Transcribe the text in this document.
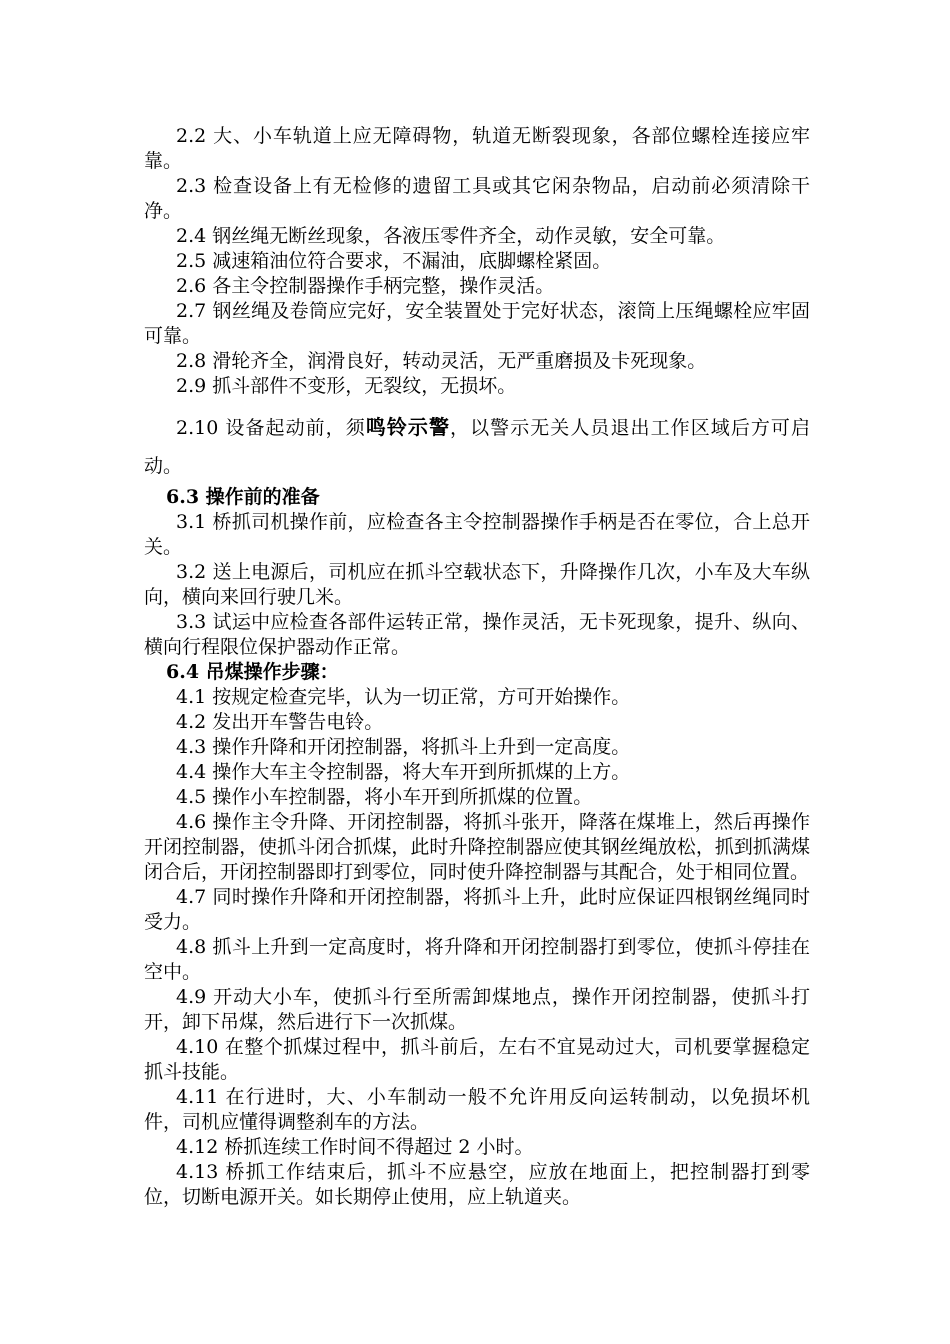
2.2 大、小车轨道上应无障碍物，轨道无断裂现象，各部位螺栓连接应牢靠。

2.3 检查设备上有无检修的遗留工具或其它闲杂物品，启动前必须清除干净。

2.4 钢丝绳无断丝现象，各液压零件齐全，动作灵敏，安全可靠。

2.5 减速箱油位符合要求，不漏油，底脚螺栓紧固。

2.6 各主令控制器操作手柄完整，操作灵活。

2.7 钢丝绳及卷筒应完好，安全装置处于完好状态，滚筒上压绳螺栓应牢固可靠。

2.8 滑轮齐全，润滑良好，转动灵活，无严重磨损及卡死现象。

2.9 抓斗部件不变形，无裂纹，无损坏。

2.10 设备起动前，须鸣铃示警，以警示无关人员退出工作区域后方可启动。

6.3 操作前的准备

3.1 桥抓司机操作前，应检查各主令控制器操作手柄是否在零位，合上总开关。

3.2 送上电源后，司机应在抓斗空载状态下，升降操作几次，小车及大车纵向，横向来回行驶几米。

3.3 试运中应检查各部件运转正常，操作灵活，无卡死现象，提升、纵向、横向行程限位保护器动作正常。

6.4 吊煤操作步骤：

4.1 按规定检查完毕，认为一切正常，方可开始操作。

4.2 发出开车警告电铃。

4.3 操作升降和开闭控制器，将抓斗上升到一定高度。

4.4 操作大车主令控制器，将大车开到所抓煤的上方。

4.5 操作小车控制器，将小车开到所抓煤的位置。

4.6 操作主令升降、开闭控制器，将抓斗张开，降落在煤堆上，然后再操作开闭控制器，使抓斗闭合抓煤，此时升降控制器应使其钢丝绳放松，抓到抓满煤闭合后，开闭控制器即打到零位，同时使升降控制器与其配合，处于相同位置。

4.7 同时操作升降和开闭控制器，将抓斗上升，此时应保证四根钢丝绳同时受力。

4.8 抓斗上升到一定高度时，将升降和开闭控制器打到零位，使抓斗停挂在空中。

4.9 开动大小车，使抓斗行至所需卸煤地点，操作开闭控制器，使抓斗打开，卸下吊煤，然后进行下一次抓煤。

4.10 在整个抓煤过程中，抓斗前后，左右不宜晃动过大，司机要掌握稳定抓斗技能。

4.11 在行进时，大、小车制动一般不允许用反向运转制动，以免损坏机件，司机应懂得调整刹车的方法。

4.12 桥抓连续工作时间不得超过 2 小时。

4.13 桥抓工作结束后，抓斗不应悬空，应放在地面上，把控制器打到零位，切断电源开关。如长期停止使用，应上轨道夹。
